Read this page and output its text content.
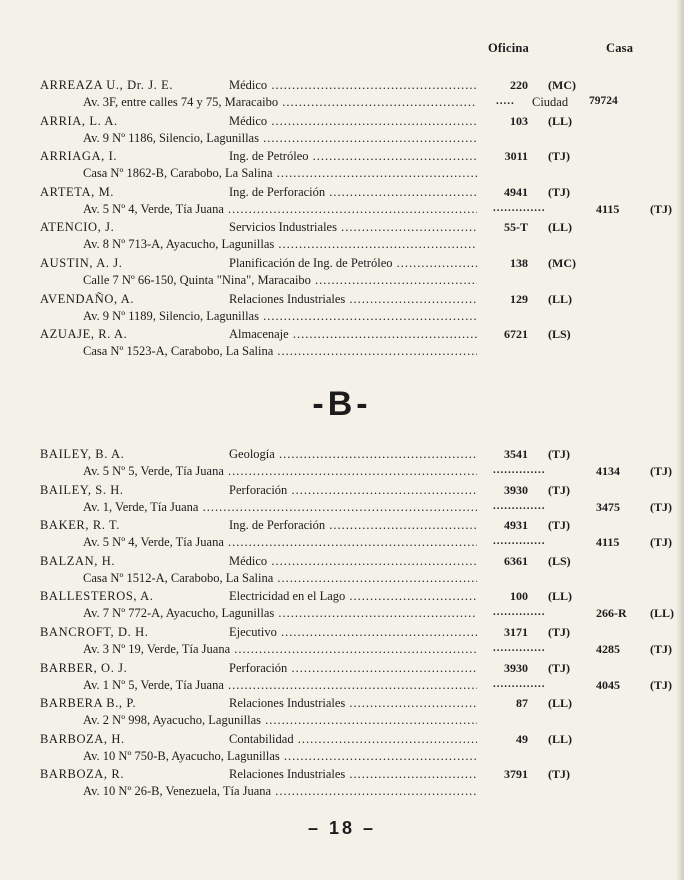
Oficina	Casa
ARREAZA U., Dr. J. E.	Médico .....	220 (MC)
Av. 3F, entre calles 74 y 75, Maracaibo .....	.....	Ciudad 79724
ARRIA, L. A.	Médico .....	103 (LL)
Av. 9 Nº 1186, Silencio, Lagunillas .....
ARRIAGA, I.	Ing. de Petróleo .....	3011 (TJ)
Casa Nº 1862-B, Carabobo, La Salina .....
ARTETA, M.	Ing. de Perforación .....	4941 (TJ)
Av. 5 Nº 4, Verde, Tía Juana .....	..............	4115	(TJ)
ATENCIO, J.	Servicios Industriales .....	55-T (LL)
Av. 8 Nº 713-A, Ayacucho, Lagunillas .....
AUSTIN, A. J.	Planificación de Ing. de Petróleo .....	138 (MC)
Calle 7 Nº 66-150, Quinta "Nina", Maracaibo .....
AVENDAÑO, A.	Relaciones Industriales .....	129 (LL)
Av. 9 Nº 1189, Silencio, Lagunillas .....
AZUAJE, R. A.	Almacenaje .....	6721 (LS)
Casa Nº 1523-A, Carabobo, La Salina .....
-B-
BAILEY, B. A.	Geología .....	3541 (TJ)
Av. 5 Nº 5, Verde, Tía Juana .....	..............	4134	(TJ)
BAILEY, S. H.	Perforación .....	3930 (TJ)
Av. 1, Verde, Tía Juana .....	..............	3475	(TJ)
BAKER, R. T.	Ing. de Perforación .....	4931 (TJ)
Av. 5 Nº 4, Verde, Tía Juana .....	..............	4115	(TJ)
BALZAN, H.	Médico .....	6361 (LS)
Casa Nº 1512-A, Carabobo, La Salina .....
BALLESTEROS, A.	Electricidad en el Lago .....	100 (LL)
Av. 7 Nº 772-A, Ayacucho, Lagunillas .....	..............	266-R (LL)
BANCROFT, D. H.	Ejecutivo .....	3171 (TJ)
Av. 3 Nº 19, Verde, Tía Juana .....	..............	4285	(TJ)
BARBER, O. J.	Perforación .....	3930 (TJ)
Av. 1 Nº 5, Verde, Tía Juana .....	..............	4045	(TJ)
BARBERA B., P.	Relaciones Industriales .....	87 (LL)
Av. 2 Nº 998, Ayacucho, Lagunillas .....
BARBOZA, H.	Contabilidad .....	49 (LL)
Av. 10 Nº 750-B, Ayacucho, Lagunillas .....
BARBOZA, R.	Relaciones Industriales .....	3791 (TJ)
Av. 10 Nº 26-B, Venezuela, Tía Juana .....
– 18 –
